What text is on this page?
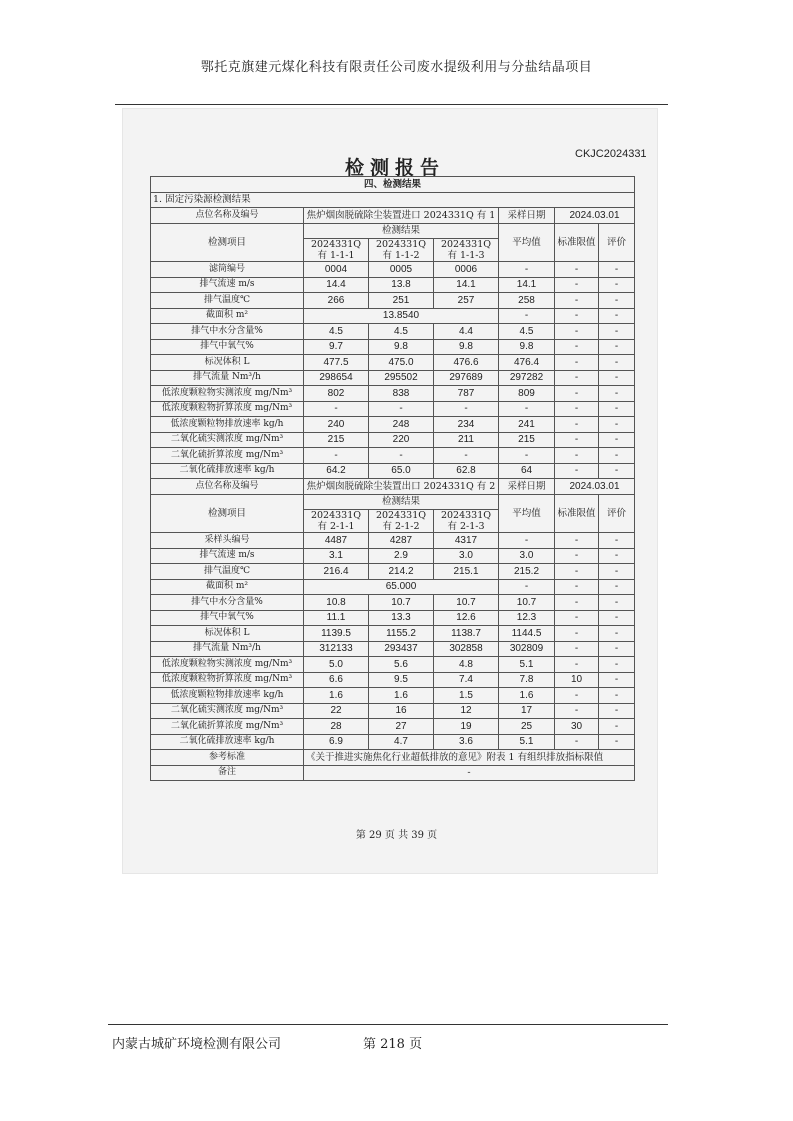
鄂托克旗建元煤化科技有限责任公司废水提级利用与分盐结晶项目
CKJC2024331
检测报告
四、检测结果						
1. 固定污染源检测结果						
点位名称及编号	焦炉烟囱脱硫除尘装置进口 2024331Q 有 1			采样日期	2024.03.01	
检测项目	检测结果			平均值	标准限值	评价
	2024331Q 有 1-1-1	2024331Q 有 1-1-2	2024331Q 有 1-1-3			
滤筒编号	0004	0005	0006	-	-	-
排气流速 m/s	14.4	13.8	14.1	14.1	-	-
排气温度℃	266	251	257	258	-	-
截面积 m²	13.8540			-	-	-
排气中水分含量%	4.5	4.5	4.4	4.5	-	-
排气中氧气%	9.7	9.8	9.8	9.8	-	-
标况体积 L	477.5	475.0	476.6	476.4	-	-
排气流量 Nm³/h	298654	295502	297689	297282	-	-
低浓度颗粒物实测浓度 mg/Nm³	802	838	787	809	-	-
低浓度颗粒物折算浓度 mg/Nm³	-	-	-	-	-	-
低浓度颗粒物排放速率 kg/h	240	248	234	241	-	-
二氧化硫实测浓度 mg/Nm³	215	220	211	215	-	-
二氧化硫折算浓度 mg/Nm³	-	-	-	-	-	-
二氧化硫排放速率 kg/h	64.2	65.0	62.8	64	-	-
点位名称及编号	焦炉烟囱脱硫除尘装置出口 2024331Q 有 2			采样日期	2024.03.01	
检测项目	检测结果			平均值	标准限值	评价
	2024331Q 有 2-1-1	2024331Q 有 2-1-2	2024331Q 有 2-1-3			
采样头编号	4487	4287	4317	-	-	-
排气流速 m/s	3.1	2.9	3.0	3.0	-	-
排气温度℃	216.4	214.2	215.1	215.2	-	-
截面积 m²	65.000			-	-	-
排气中水分含量%	10.8	10.7	10.7	10.7	-	-
排气中氧气%	11.1	13.3	12.6	12.3	-	-
标况体积 L	1139.5	1155.2	1138.7	1144.5	-	-
排气流量 Nm³/h	312133	293437	302858	302809	-	-
低浓度颗粒物实测浓度 mg/Nm³	5.0	5.6	4.8	5.1	-	-
低浓度颗粒物折算浓度 mg/Nm³	6.6	9.5	7.4	7.8	10	-
低浓度颗粒物排放速率 kg/h	1.6	1.6	1.5	1.6	-	-
二氧化硫实测浓度 mg/Nm³	22	16	12	17	-	-
二氧化硫折算浓度 mg/Nm³	28	27	19	25	30	-
二氧化硫排放速率 kg/h	6.9	4.7	3.6	5.1	-	-
参考标准	《关于推进实施焦化行业超低排放的意见》附表 1 有组织排放指标限值					
备注	-					
第 29 页 共 39 页
内蒙古城矿环境检测有限公司	第 218 页
